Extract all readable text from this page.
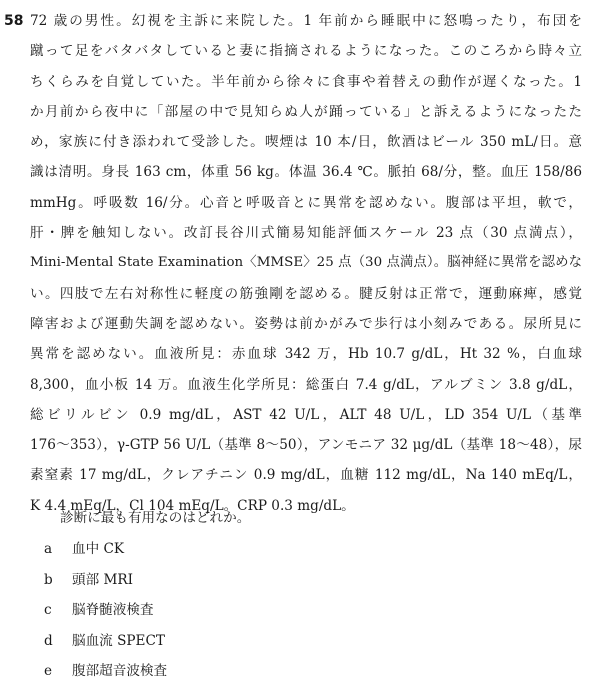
58 72 歳の男性。幻視を主訴に来院した。1 年前から睡眠中に怒鳴ったり，布団を
蹴って足をバタバタしていると妻に指摘されるようになった。このころから時々立
ちくらみを自覚していた。半年前から徐々に食事や着替えの動作が遅くなった。1
か月前から夜中に「部屋の中で見知らぬ人が踊っている」と訴えるようになったた
め，家族に付き添われて受診した。喫煙は 10 本/日，飲酒はビール 350 mL/日。意
識は清明。身長 163 cm，体重 56 kg。体温 36.4 ℃。脈拍 68/分，整。血圧 158/86
mmHg。呼吸数 16/分。心音と呼吸音とに異常を認めない。腹部は平坦，軟で，
肝・脾を触知しない。改訂長谷川式簡易知能評価スケール 23 点（30 点満点），
Mini-Mental State Examination〈MMSE〉25 点（30 点満点）。脳神経に異常を認めな
い。四肢で左右対称性に軽度の筋強剛を認める。腱反射は正常で，運動麻痺，感覚
障害および運動失調を認めない。姿勢は前かがみで歩行は小刻みである。尿所見に
異常を認めない。血液所見：赤血球 342 万，Hb 10.7 g/dL，Ht 32 %，白血球
8,300，血小板 14 万。血液生化学所見：総蛋白 7.4 g/dL，アルブミン 3.8 g/dL，
総ビリルビン 0.9 mg/dL，AST 42 U/L，ALT 48 U/L，LD 354 U/L（基準
176〜353），γ-GTP 56 U/L（基準 8〜50），アンモニア 32 μg/dL（基準 18〜48），尿
素窒素 17 mg/dL，クレアチニン 0.9 mg/dL，血糖 112 mg/dL，Na 140 mEq/L，
K 4.4 mEq/L，Cl 104 mEq/L。CRP 0.3 mg/dL。
診断に最も有用なのはどれか。
a 血中 CK
b 頭部 MRI
c 脳脊髄液検査
d 脳血流 SPECT
e 腹部超音波検査
